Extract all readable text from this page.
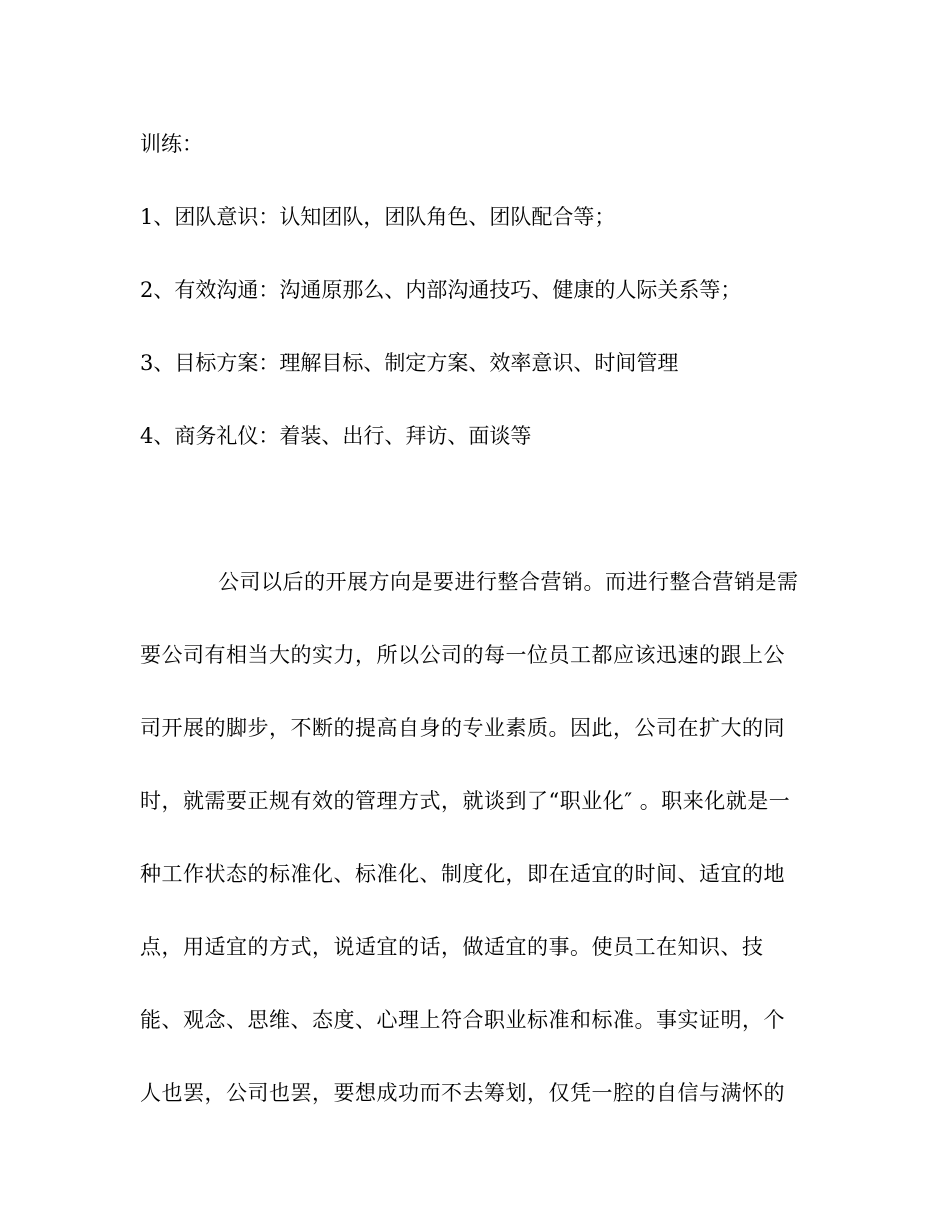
训练：
1、团队意识：认知团队，团队角色、团队配合等；
2、有效沟通：沟通原那么、内部沟通技巧、健康的人际关系等；
3、目标方案：理解目标、制定方案、效率意识、时间管理
4、商务礼仪：着装、出行、拜访、面谈等
公司以后的开展方向是要进行整合营销。而进行整合营销是需
要公司有相当大的实力，所以公司的每一位员工都应该迅速的跟上公
司开展的脚步，不断的提高自身的专业素质。因此，公司在扩大的同
时，就需要正规有效的管理方式，就谈到了“职业化″ 。职来化就是一
种工作状态的标准化、标准化、制度化，即在适宜的时间、适宜的地
点，用适宜的方式，说适宜的话，做适宜的事。使员工在知识、技
能、观念、思维、态度、心理上符合职业标准和标准。事实证明，个
人也罢，公司也罢，要想成功而不去筹划，仅凭一腔的自信与满怀的
